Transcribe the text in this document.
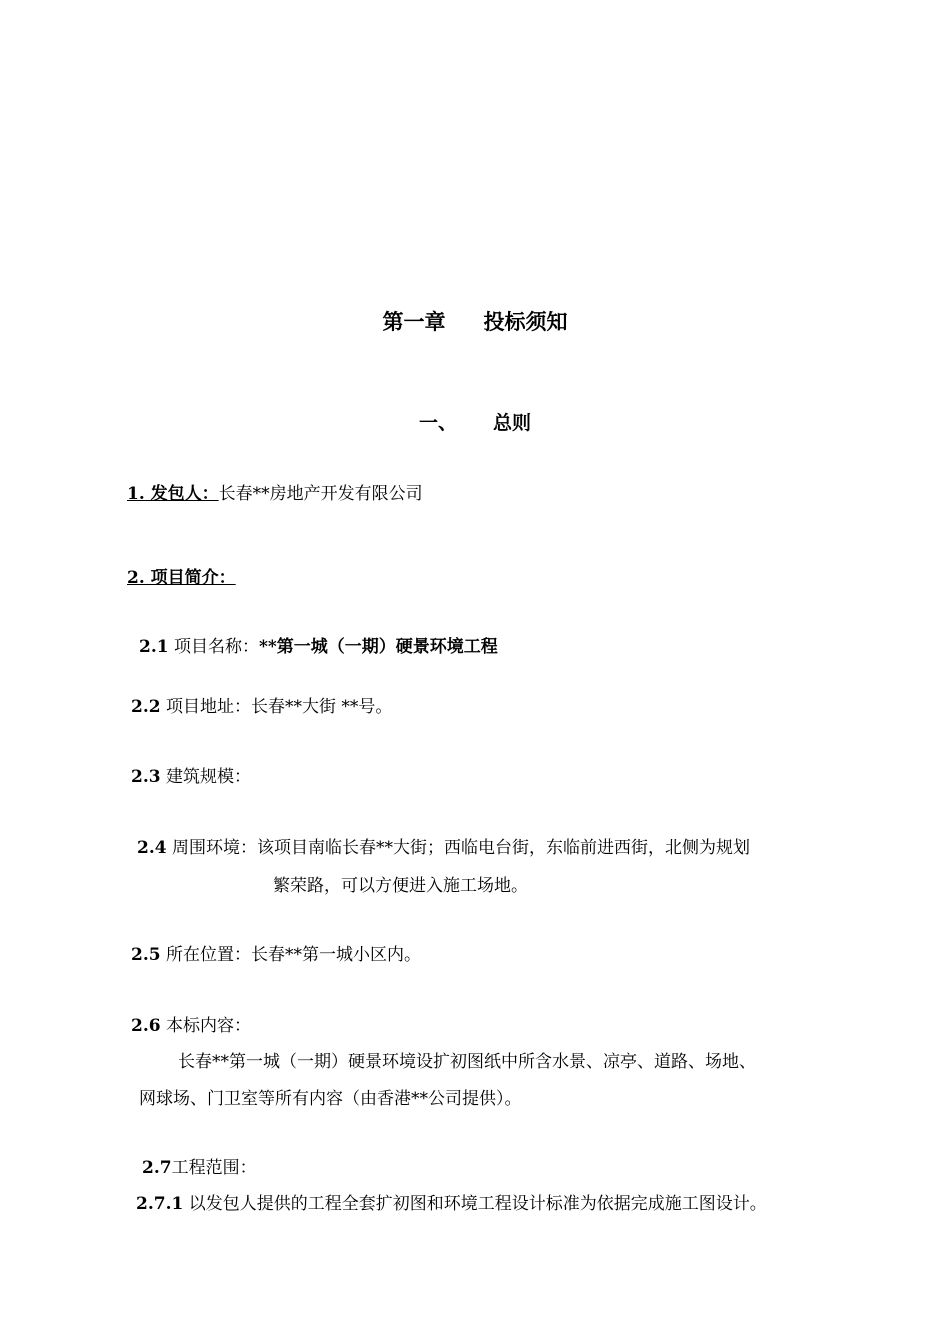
第一章 投标须知
一、 总则
1. 发包人：长春**房地产开发有限公司
2. 项目简介：
2.1 项目名称：**第一城（一期）硬景环境工程
2.2 项目地址：长春**大街 **号。
2.3 建筑规模：
2.4 周围环境：该项目南临长春**大街；西临电台街，东临前进西街，北侧为规划
繁荣路，可以方便进入施工场地。
2.5 所在位置：长春**第一城小区内。
2.6 本标内容：
长春**第一城（一期）硬景环境设扩初图纸中所含水景、凉亭、道路、场地、
网球场、门卫室等所有内容（由香港**公司提供）。
2.7工程范围：
2.7.1 以发包人提供的工程全套扩初图和环境工程设计标准为依据完成施工图设计。
